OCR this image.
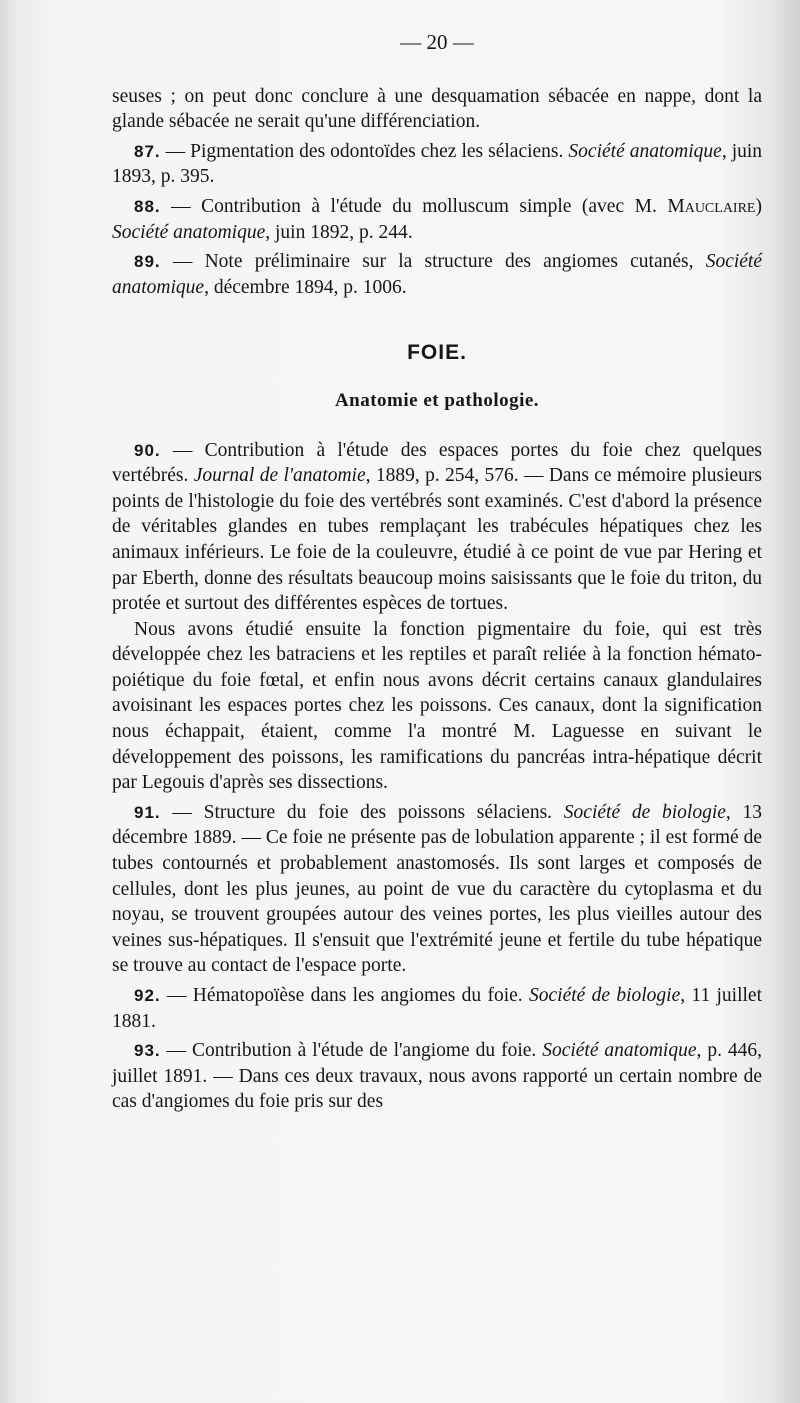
— 20 —

seuses ; on peut donc conclure à une desquamation sébacée en nappe, dont la glande sébacée ne serait qu'une différenciation.

87. — Pigmentation des odontoïdes chez les sélaciens. Société anatomique, juin 1893, p. 395.

88. — Contribution à l'étude du molluscum simple (avec M. Mauclaire) Société anatomique, juin 1892, p. 244.

89. — Note préliminaire sur la structure des angiomes cutanés, Société anatomique, décembre 1894, p. 1006.

FOIE.
Anatomie et pathologie.

90. — Contribution à l'étude des espaces portes du foie chez quelques vertébrés. Journal de l'anatomie, 1889, p. 254, 576. — Dans ce mémoire plusieurs points de l'histologie du foie des vertébrés sont examinés. C'est d'abord la présence de véritables glandes en tubes remplaçant les trabécules hépatiques chez les animaux inférieurs. Le foie de la couleuvre, étudié à ce point de vue par Hering et par Eberth, donne des résultats beaucoup moins saisissants que le foie du triton, du protée et surtout des différentes espèces de tortues.

Nous avons étudié ensuite la fonction pigmentaire du foie, qui est très développée chez les batraciens et les reptiles et paraît reliée à la fonction hémato-poiétique du foie fœtal, et enfin nous avons décrit certains canaux glandulaires avoisinant les espaces portes chez les poissons. Ces canaux, dont la signification nous échappait, étaient, comme l'a montré M. Laguesse en suivant le développement des poissons, les ramifications du pancréas intra-hépatique décrit par Legouis d'après ses dissections.

91. — Structure du foie des poissons sélaciens. Société de biologie, 13 décembre 1889. — Ce foie ne présente pas de lobulation apparente ; il est formé de tubes contournés et probablement anastomosés. Ils sont larges et composés de cellules, dont les plus jeunes, au point de vue du caractère du cytoplasma et du noyau, se trouvent groupées autour des veines portes, les plus vieilles autour des veines sus-hépatiques. Il s'ensuit que l'extrémité jeune et fertile du tube hépatique se trouve au contact de l'espace porte.

92. — Hématopoïèse dans les angiomes du foie. Société de biologie, 11 juillet 1881.

93. — Contribution à l'étude de l'angiome du foie. Société anatomique, p. 446, juillet 1891. — Dans ces deux travaux, nous avons rapporté un certain nombre de cas d'angiomes du foie pris sur des
